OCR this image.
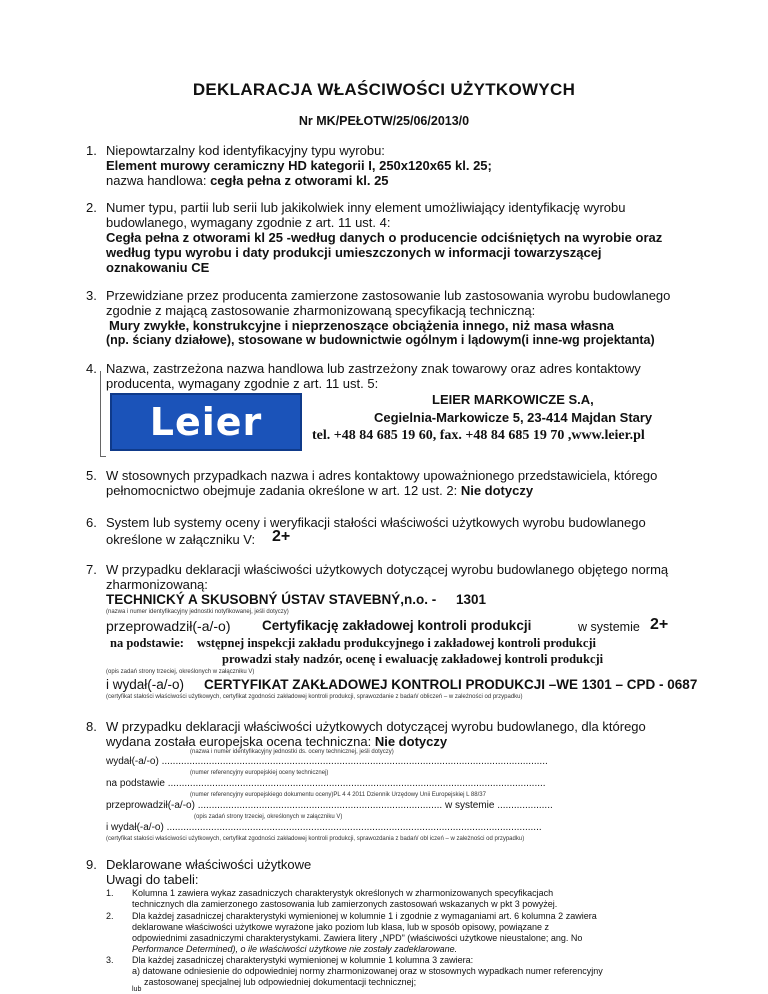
DEKLARACJA WŁAŚCIWOŚCI UŻYTKOWYCH
Nr MK/PEŁOTW/25/06/2013/0
1. Niepowtarzalny kod identyfikacyjny typu wyrobu:
Element murowy ceramiczny HD kategorii I, 250x120x65 kl. 25;
nazwa handlowa: cegła pełna z otworami kl. 25
2. Numer typu, partii lub serii lub jakikolwiek inny element umożliwiający identyfikację wyrobu
budowlanego, wymagany zgodnie z art. 11 ust. 4:
Cegła pełna z otworami kl 25 -według danych o producencie odciśniętych na wyrobie oraz
według typu wyrobu i daty produkcji umieszczonych w informacji towarzyszącej
oznakowaniu CE
3. Przewidziane przez producenta zamierzone zastosowanie lub zastosowania wyrobu budowlanego
zgodnie z mającą zastosowanie zharmonizowaną specyfikacją techniczną:
Mury zwykłe, konstrukcyjne i nieprzenoszące obciążenia innego, niż masa własna
(np. ściany działowe), stosowane w budownictwie ogólnym i lądowym(i inne-wg projektanta)
4. Nazwa, zastrzeżona nazwa handlowa lub zastrzeżony znak towarowy oraz adres kontaktowy
producenta, wymagany zgodnie z art. 11 ust. 5:
Leier
LEIER MARKOWICZE S.A,
Cegielnia-Markowicze 5, 23-414 Majdan Stary
tel. +48 84 685 19 60, fax. +48 84 685 19 70 ,www.leier.pl
5. W stosownych przypadkach nazwa i adres kontaktowy upoważnionego przedstawiciela, którego
pełnomocnictwo obejmuje zadania określone w art. 12 ust. 2: Nie dotyczy
6. System lub systemy oceny i weryfikacji stałości właściwości użytkowych wyrobu budowlanego
określone w załączniku V: 2+
7. W przypadku deklaracji właściwości użytkowych dotyczącej wyrobu budowlanego objętego normą
zharmonizowaną:
TECHNICKÝ A SKUSOBNÝ ÚSTAV STAVEBNÝ,n.o. - 1301
(nazwa i numer identyfikacyjny jednostki notyfikowanej, jeśli dotyczy)
przeprowadził(-a/-o) Certyfikację zakładowej kontroli produkcji	w systemie 2+
na podstawie: wstępnej inspekcji zakładu produkcyjnego i zakładowej kontroli produkcji
prowadzi stały nadzór, ocenę i ewaluację zakładowej kontroli produkcji
(opis zadań strony trzeciej, określonych w załączniku V)
i wydał(-a/-o) CERTYFIKAT ZAKŁADOWEJ KONTROLI PRODUKCJI –WE 1301 – CPD - 0687
(certyfikat stałości właściwości użytkowych, certyfikat zgodności zakładowej kontroli produkcji, sprawozdanie z badań/ obliczeń – w zależności od przypadku)
8. W przypadku deklaracji właściwości użytkowych dotyczącej wyrobu budowlanego, dla którego
wydana została europejska ocena techniczna: Nie dotyczy
(nazwa i numer identyfikacyjny jednostki ds. oceny technicznej, jeśli dotyczy)
wydał(-a/-o) ...........................................................................................................................................
(numer referencyjny europejskiej oceny technicznej)
na podstawie ........................................................................................................................................
(numer referencyjny europejskiego dokumentu oceny)PL 4 4 2011 Dziennik Urzędowy Unii Europejskiej L 88/37
przeprowadził(-a/-o) ........................................................................................ w systemie ....................
(opis zadań strony trzeciej, określonych w załączniku V)
i wydał(-a/-o) .......................................................................................................................................
(certyfikat stałości właściwości użytkowych, certyfikat zgodności zakładowej kontroli produkcji, sprawozdania z badań/ obl iczeń – w zależności od przypadku)
9. Deklarowane właściwości użytkowe
Uwagi do tabeli:
1. Kolumna 1 zawiera wykaz zasadniczych charakterystyk określonych w zharmonizowanych specyfikacjach
technicznych dla zamierzonego zastosowania lub zamierzonych zastosowań wskazanych w pkt 3 powyżej.
2. Dla każdej zasadniczej charakterystyki wymienionej w kolumnie 1 i zgodnie z wymaganiami art. 6 kolumna 2 zawiera
deklarowane właściwości użytkowe wyrażone jako poziom lub klasa, lub w sposób opisowy, powiązane z
odpowiednimi zasadniczymi charakterystykami. Zawiera litery „NPD" (właściwości użytkowe nieustalone; ang. No
Performance Determined), o ile właściwości użytkowe nie zostały zadeklarowane.
3. Dla każdej zasadniczej charakterystyki wymienionej w kolumnie 1 kolumna 3 zawiera:
a) datowane odniesienie do odpowiedniej normy zharmonizowanej oraz w stosownych wypadkach numer referencyjny
zastosowanej specjalnej lub odpowiedniej dokumentacji technicznej;
lub
